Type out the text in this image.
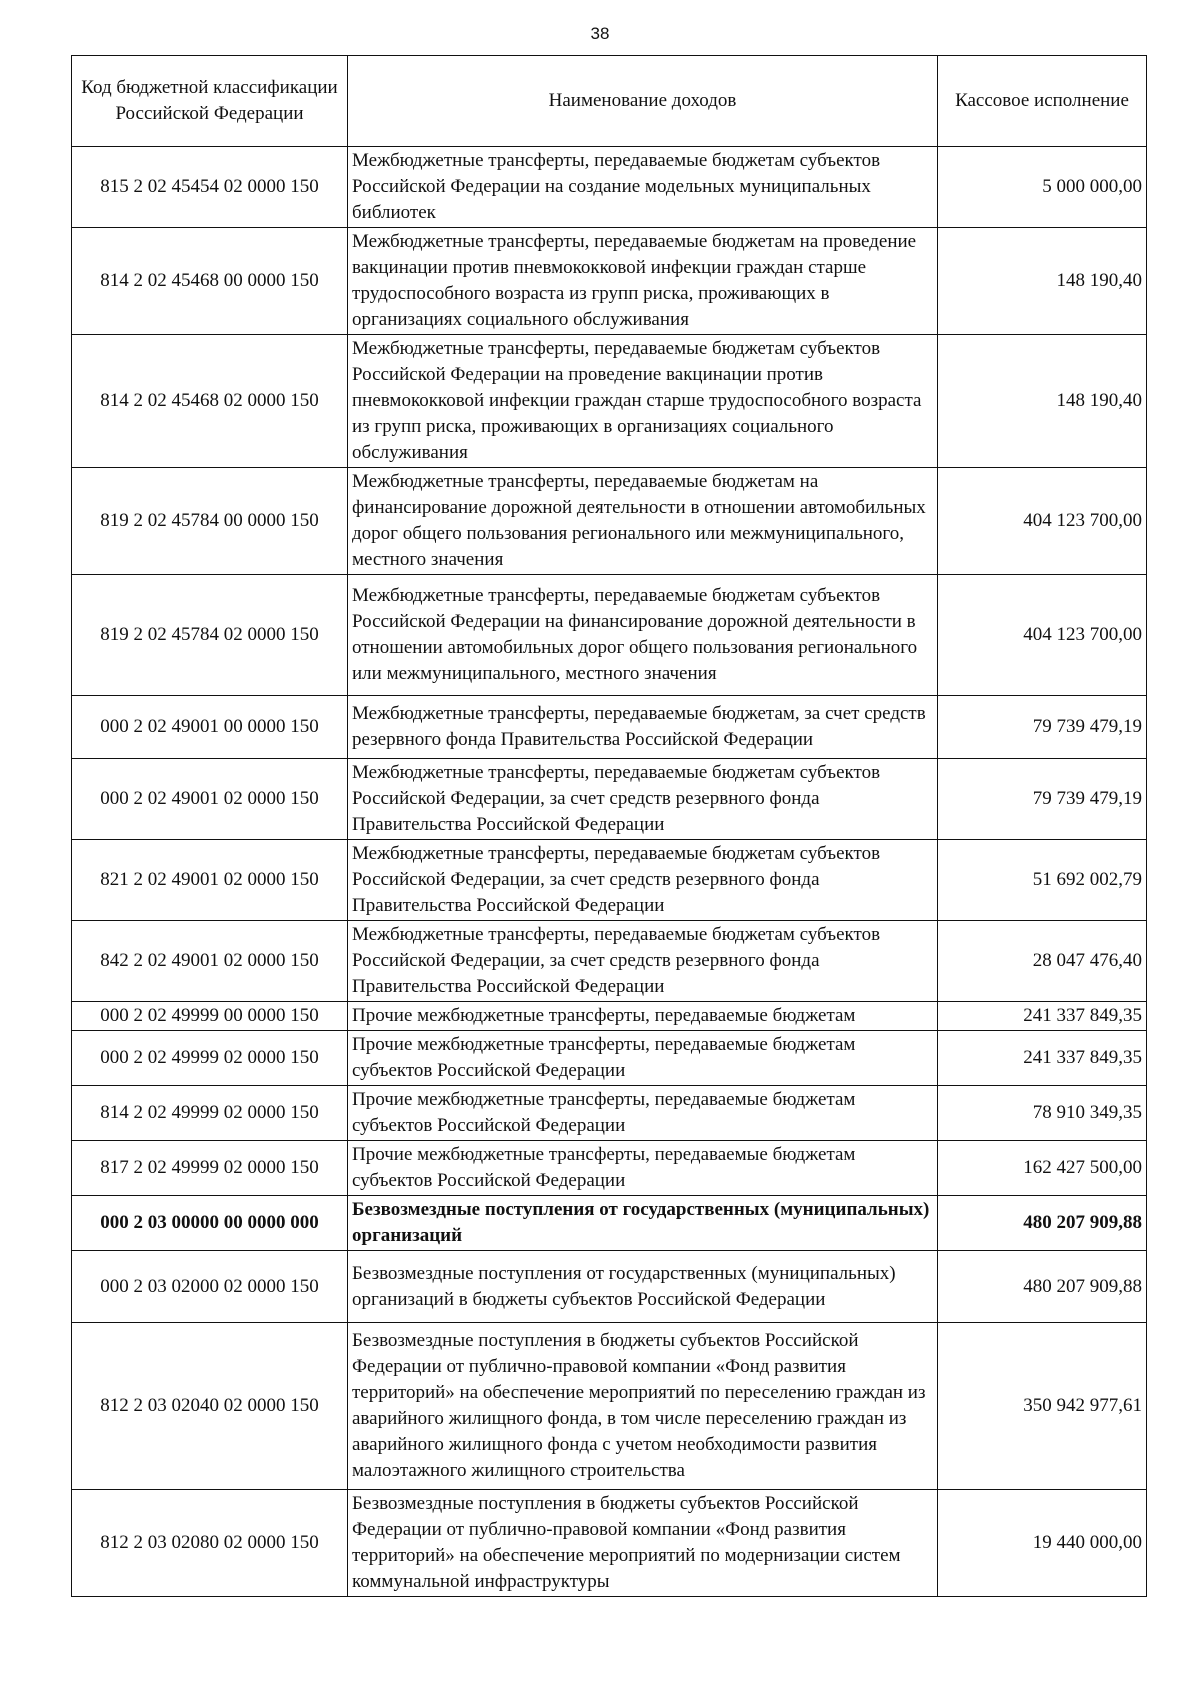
38
Код бюджетной классификации Российской Федерации	Наименование доходов	Кассовое исполнение
815 2 02 45454 02 0000 150	Межбюджетные трансферты, передаваемые бюджетам субъектов Российской Федерации на создание модельных муниципальных библиотек	5 000 000,00
814 2 02 45468 00 0000 150	Межбюджетные трансферты, передаваемые бюджетам на проведение вакцинации против пневмококковой инфекции граждан старше трудоспособного возраста из групп риска, проживающих в организациях социального обслуживания	148 190,40
814 2 02 45468 02 0000 150	Межбюджетные трансферты, передаваемые бюджетам субъектов Российской Федерации на проведение вакцинации против пневмококковой инфекции граждан старше трудоспособного возраста из групп риска, проживающих в организациях социального обслуживания	148 190,40
819 2 02 45784 00 0000 150	Межбюджетные трансферты, передаваемые бюджетам на финансирование дорожной деятельности в отношении автомобильных дорог общего пользования регионального или межмуниципального, местного значения	404 123 700,00
819 2 02 45784 02 0000 150	Межбюджетные трансферты, передаваемые бюджетам субъектов Российской Федерации на финансирование дорожной деятельности в отношении автомобильных дорог общего пользования регионального или межмуниципального, местного значения	404 123 700,00
000 2 02 49001 00 0000 150	Межбюджетные трансферты, передаваемые бюджетам, за счет средств резервного фонда Правительства Российской Федерации	79 739 479,19
000 2 02 49001 02 0000 150	Межбюджетные трансферты, передаваемые бюджетам субъектов Российской Федерации, за счет средств резервного фонда Правительства Российской Федерации	79 739 479,19
821 2 02 49001 02 0000 150	Межбюджетные трансферты, передаваемые бюджетам субъектов Российской Федерации, за счет средств резервного фонда Правительства Российской Федерации	51 692 002,79
842 2 02 49001 02 0000 150	Межбюджетные трансферты, передаваемые бюджетам субъектов Российской Федерации, за счет средств резервного фонда Правительства Российской Федерации	28 047 476,40
000 2 02 49999 00 0000 150	Прочие межбюджетные трансферты, передаваемые бюджетам	241 337 849,35
000 2 02 49999 02 0000 150	Прочие межбюджетные трансферты, передаваемые бюджетам субъектов Российской Федерации	241 337 849,35
814 2 02 49999 02 0000 150	Прочие межбюджетные трансферты, передаваемые бюджетам субъектов Российской Федерации	78 910 349,35
817 2 02 49999 02 0000 150	Прочие межбюджетные трансферты, передаваемые бюджетам субъектов Российской Федерации	162 427 500,00
000 2 03 00000 00 0000 000	Безвозмездные поступления от государственных (муниципальных) организаций	480 207 909,88
000 2 03 02000 02 0000 150	Безвозмездные поступления от государственных (муниципальных) организаций в бюджеты субъектов Российской Федерации	480 207 909,88
812 2 03 02040 02 0000 150	Безвозмездные поступления в бюджеты субъектов Российской Федерации от публично-правовой компании «Фонд развития территорий» на обеспечение мероприятий по переселению граждан из аварийного жилищного фонда, в том числе переселению граждан из аварийного жилищного фонда с учетом необходимости развития малоэтажного жилищного строительства	350 942 977,61
812 2 03 02080 02 0000 150	Безвозмездные поступления в бюджеты субъектов Российской Федерации от публично-правовой компании «Фонд развития территорий» на обеспечение мероприятий по модернизации систем коммунальной инфраструктуры	19 440 000,00
